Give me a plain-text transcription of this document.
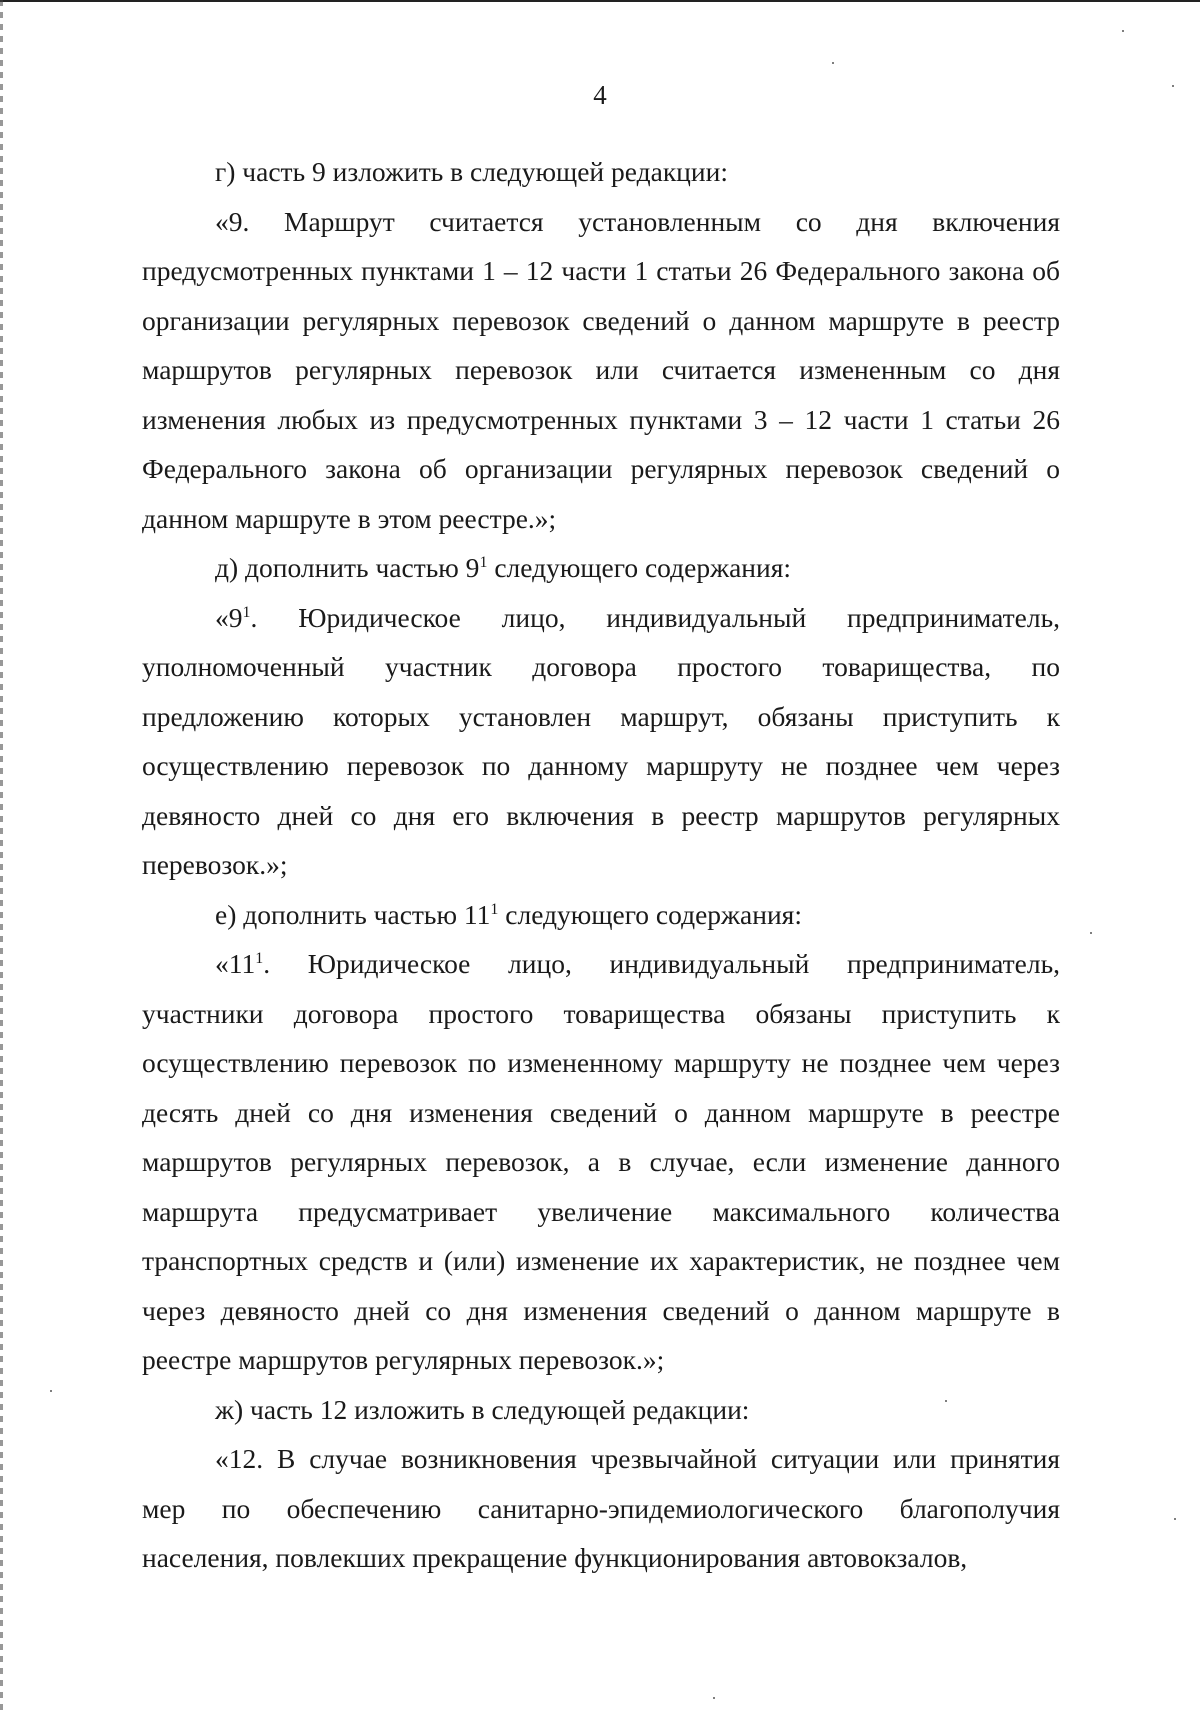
4

г) часть 9 изложить в следующей редакции:

«9. Маршрут считается установленным со дня включения предусмотренных пунктами 1 – 12 части 1 статьи 26 Федерального закона об организации регулярных перевозок сведений о данном маршруте в реестр маршрутов регулярных перевозок или считается измененным со дня изменения любых из предусмотренных пунктами 3 – 12 части 1 статьи 26 Федерального закона об организации регулярных перевозок сведений о данном маршруте в этом реестре.»;

д) дополнить частью $9^1$ следующего содержания:

«$9^1$. Юридическое лицо, индивидуальный предприниматель, уполномоченный участник договора простого товарищества, по предложению которых установлен маршрут, обязаны приступить к осуществлению перевозок по данному маршруту не позднее чем через девяносто дней со дня его включения в реестр маршрутов регулярных перевозок.»;

е) дополнить частью $11^1$ следующего содержания:

«$11^1$. Юридическое лицо, индивидуальный предприниматель, участники договора простого товарищества обязаны приступить к осуществлению перевозок по измененному маршруту не позднее чем через десять дней со дня изменения сведений о данном маршруте в реестре маршрутов регулярных перевозок, а в случае, если изменение данного маршрута предусматривает увеличение максимального количества транспортных средств и (или) изменение их характеристик, не позднее чем через девяносто дней со дня изменения сведений о данном маршруте в реестре маршрутов регулярных перевозок.»;

ж) часть 12 изложить в следующей редакции:

«12. В случае возникновения чрезвычайной ситуации или принятия мер по обеспечению санитарно-эпидемиологического благополучия населения, повлекших прекращение функционирования автовокзалов,
